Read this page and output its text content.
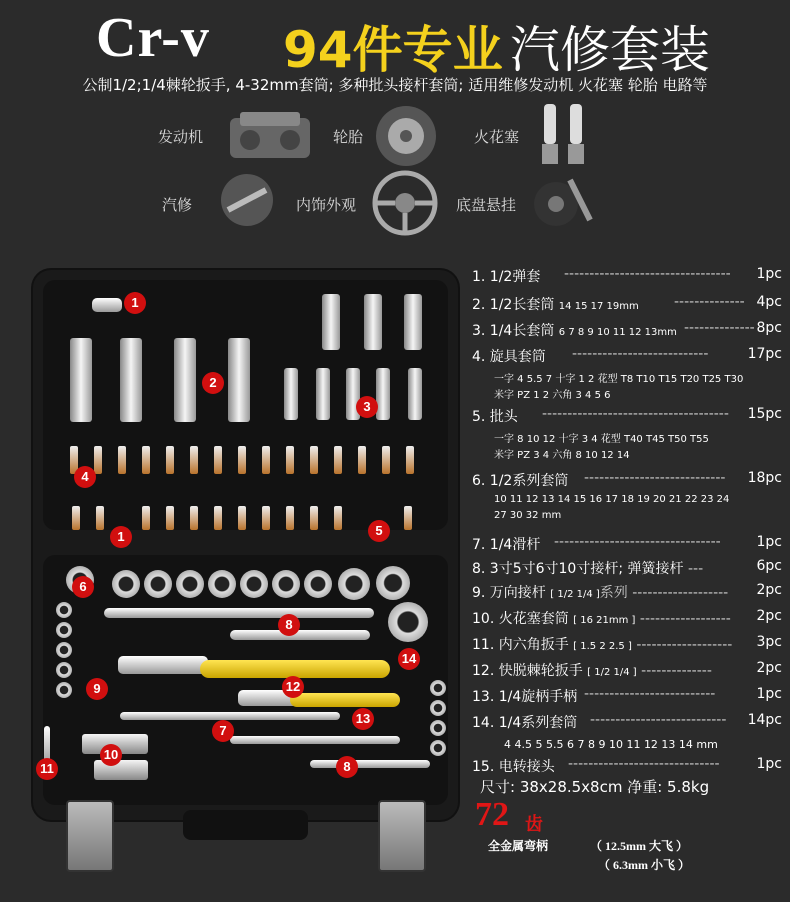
Cr-v 94件专业 汽修套装
公制1/2;1/4棘轮扳手, 4-32mm套筒; 多种批头接杆套筒; 适用维修发动机 火花塞 轮胎 电路等
发动机	轮胎	火花塞
汽修	内饰外观	底盘悬挂
1
2
3
4
1	5
6
8
9	12
14
13
7
10
11	8
1. 1/2弹套 --------------------------------- 1pc
2. 1/2长套筒 14 15 17 19mm	-------------- 4pc
3. 1/4长套筒 6 7 8 9 10 11 12 13mm -------------- 8pc
4. 旋具套筒 ---------------------------	17pc
一字 4 5.5 7 十字 1 2 花型 T8 T10 T15 T20 T25 T30
米字 PZ 1 2 六角 3 4 5 6
5. 批头 ------------------------------------- 15pc
一字 8 10 12 十字 3 4 花型 T40 T45 T50 T55
米字 PZ 3 4 六角 8 10 12 14
6. 1/2系列套筒 ---------------------------- 18pc
10 11 12 13 14 15 16 17 18 19 20 21 22 23 24
27 30 32 mm
7. 1/4滑杆 ---------------------------------	1pc
8. 3寸5寸6寸10寸接杆; 弹簧接杆 ---	6pc
9. 万向接杆 [ 1/2 1/4 ]系列 ------------------- 2pc
10. 火花塞套筒 [ 16 21mm ] ------------------ 2pc
11. 内六角扳手 [ 1.5 2 2.5 ] ------------------- 3pc
12. 快脱棘轮扳手 [ 1/2 1/4 ] --------------	2pc
13. 1/4旋柄手柄 --------------------------	1pc
14. 1/4系列套筒 --------------------------- 14pc
4 4.5 5 5.5 6 7 8 9 10 11 12 13 14 mm
15. 电转接头 ------------------------------	1pc
尺寸: 38x28.5x8cm 净重: 5.8kg
72 齿
全金属弯柄	（ 12.5mm 大飞 ）
（ 6.3mm 小飞 ）
